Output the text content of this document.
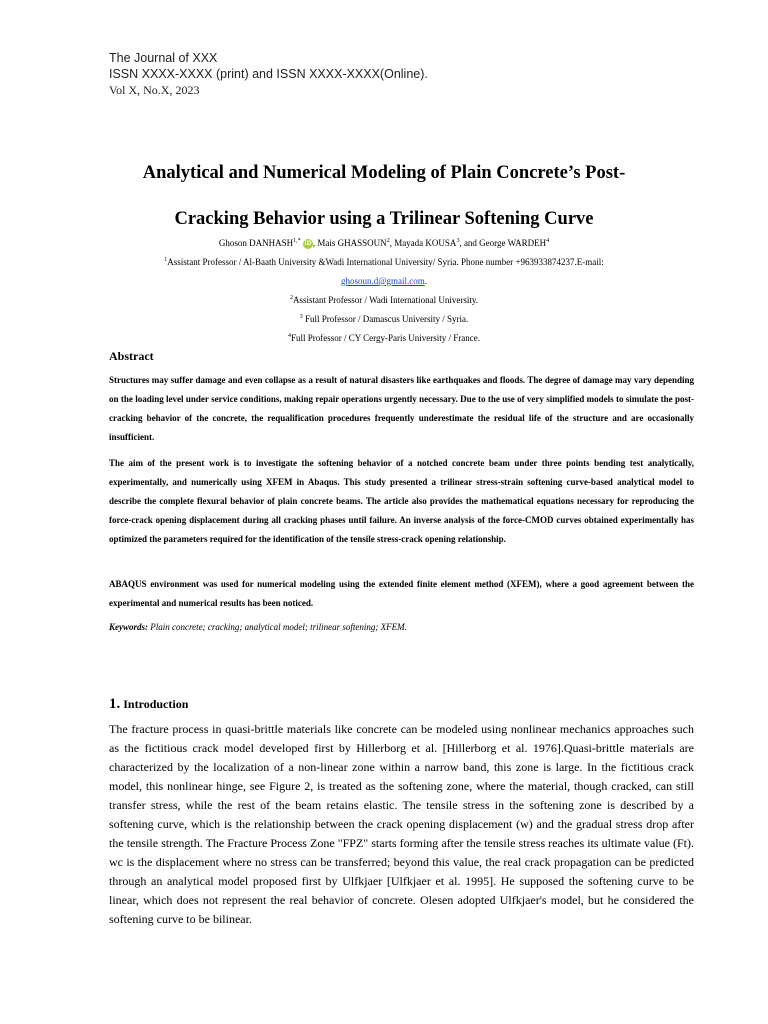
The Journal of XXX
ISSN XXXX-XXXX (print) and ISSN XXXX-XXXX(Online).
Vol X, No.X, 2023
Analytical and Numerical Modeling of Plain Concrete’s Post-
Cracking Behavior using a Trilinear Softening Curve
Ghoson $DANHASH^{1,*}$ iD, Mais GHASSOUN$^2$, Mayada KOUSA$^3$, and George WARDEH$^4$
$^1$Assistant Professor / Al-Baath University &Wadi International University/ Syria. Phone number +963933874237.E-mail:
ghosoun.d@gmail.com.
$^2$Assistant Professor / Wadi International University.
$^3$ Full Professor / Damascus University / Syria.
$^4$Full Professor / CY Cergy-Paris University / France.
Abstract

Structures may suffer damage and even collapse as a result of natural disasters like earthquakes and floods. The degree of damage may vary depending on the loading level under service conditions, making repair operations urgently necessary. Due to the use of very simplified models to simulate the post-cracking behavior of the concrete, the requalification procedures frequently underestimate the residual life of the structure and are occasionally insufficient.

The aim of the present work is to investigate the softening behavior of a notched concrete beam under three points bending test analytically, experimentally, and numerically using XFEM in Abaqus. This study presented a trilinear stress-strain softening curve-based analytical model to describe the complete flexural behavior of plain concrete beams. The article also provides the mathematical equations necessary for reproducing the force-crack opening displacement during all cracking phases until failure. An inverse analysis of the force-CMOD curves obtained experimentally has optimized the parameters required for the identification of the tensile stress-crack opening relationship.

ABAQUS environment was used for numerical modeling using the extended finite element method (XFEM), where a good agreement between the experimental and numerical results has been noticed.

Keywords: Plain concrete; cracking; analytical model; trilinear softening; XFEM.
1. Introduction

The fracture process in quasi-brittle materials like concrete can be modeled using nonlinear mechanics approaches such as the fictitious crack model developed first by Hillerborg et al. [Hillerborg et al. 1976].Quasi-brittle materials are characterized by the localization of a non-linear zone within a narrow band, this zone is large. In the fictitious crack model, this nonlinear hinge, see Figure 2, is treated as the softening zone, where the material, though cracked, can still transfer stress, while the rest of the beam retains elastic. The tensile stress in the softening zone is described by a softening curve, which is the relationship between the crack opening displacement (w) and the gradual stress drop after the tensile strength. The Fracture Process Zone "FPZ" starts forming after the tensile stress reaches its ultimate value (Ft). wc is the displacement where no stress can be transferred; beyond this value, the real crack propagation can be predicted through an analytical model proposed first by Ulfkjaer [Ulfkjaer et al. 1995]. He supposed the softening curve to be linear, which does not represent the real behavior of concrete. Olesen adopted Ulfkjaer's model, but he considered the softening curve to be bilinear.
